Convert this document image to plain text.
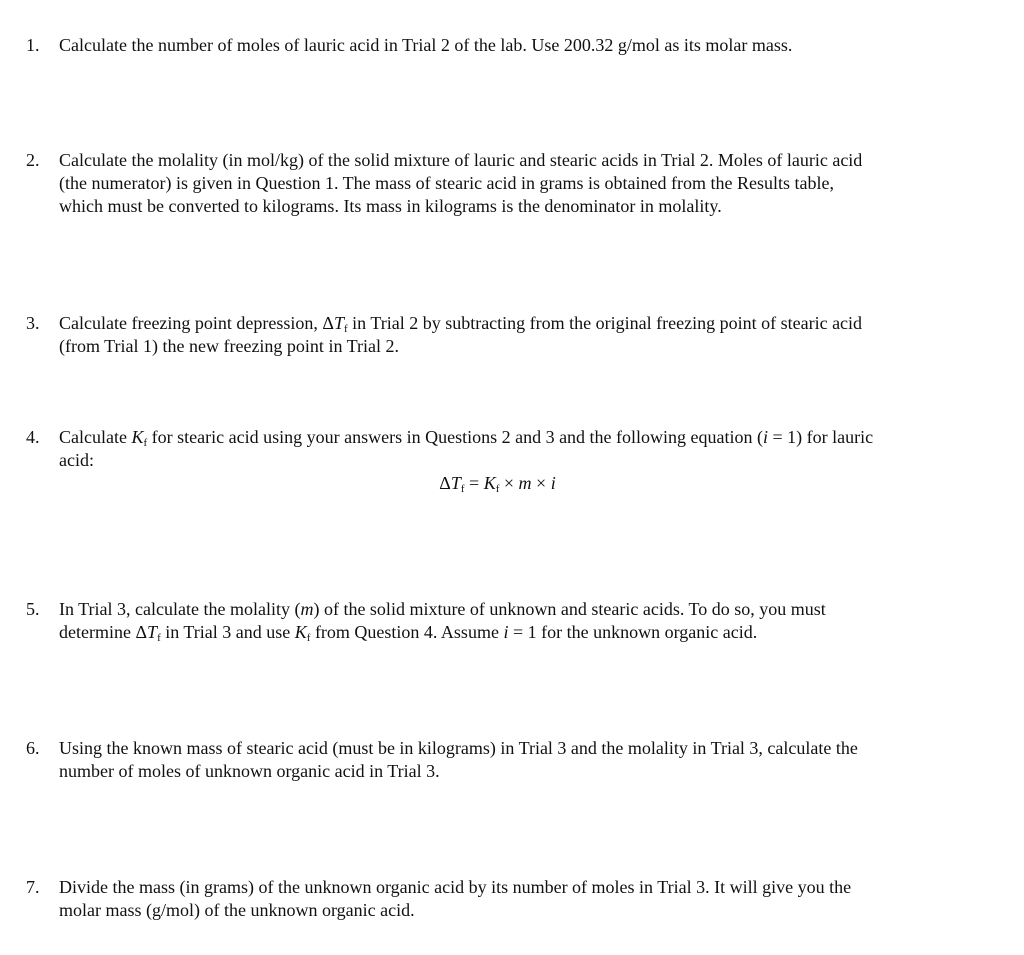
1.	Calculate the number of moles of lauric acid in Trial 2 of the lab. Use 200.32 g/mol as its molar mass.

2.	Calculate the molality (in mol/kg) of the solid mixture of lauric and stearic acids in Trial 2. Moles of lauric acid

(the numerator) is given in Question 1. The mass of stearic acid in grams is obtained from the Results table,

which must be converted to kilograms. Its mass in kilograms is the denominator in molality.

3.	Calculate freezing point depression, $\Delta T_f$ in Trial 2 by subtracting from the original freezing point of stearic acid

(from Trial 1) the new freezing point in Trial 2.

4.	Calculate $K_f$ for stearic acid using your answers in Questions 2 and 3 and the following equation (i = 1) for lauric

acid:

$\Delta T_f = K_f \times m \times i$

5.	In Trial 3, calculate the molality (m) of the solid mixture of unknown and stearic acids. To do so, you must

determine $\Delta T_f$ in Trial 3 and use $K_f$ from Question 4. Assume i = 1 for the unknown organic acid.

6.	Using the known mass of stearic acid (must be in kilograms) in Trial 3 and the molality in Trial 3, calculate the

number of moles of unknown organic acid in Trial 3.

7.	Divide the mass (in grams) of the unknown organic acid by its number of moles in Trial 3. It will give you the

molar mass (g/mol) of the unknown organic acid.
